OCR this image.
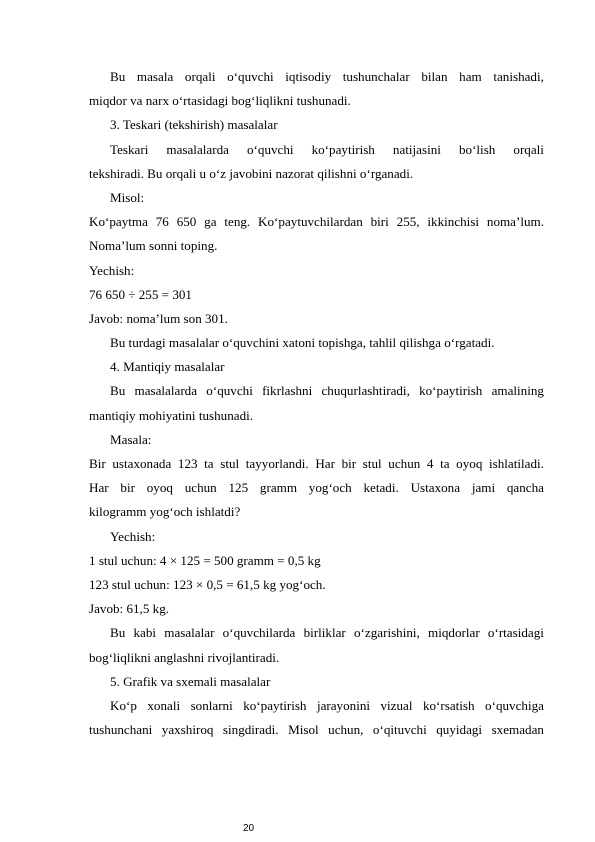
Bu masala orqali o‘quvchi iqtisodiy tushunchalar bilan ham tanishadi,
miqdor va narx o‘rtasidagi bog‘liqlikni tushunadi.
3. Teskari (tekshirish) masalalar
Teskari masalalarda o‘quvchi ko‘paytirish natijasini bo‘lish orqali
tekshiradi. Bu orqali u o‘z javobini nazorat qilishni o‘rganadi.
Misol:
Ko‘paytma 76 650 ga teng. Ko‘paytuvchilardan biri 255, ikkinchisi noma’lum.
Noma’lum sonni toping.
Yechish:
76 650 ÷ 255 = 301
Javob: noma’lum son 301.
Bu turdagi masalalar o‘quvchini xatoni topishga, tahlil qilishga o‘rgatadi.
4. Mantiqiy masalalar
Bu masalalarda o‘quvchi fikrlashni chuqurlashtiradi, ko‘paytirish amalining
mantiqiy mohiyatini tushunadi.
Masala:
Bir ustaxonada 123 ta stul tayyorlandi. Har bir stul uchun 4 ta oyoq ishlatiladi.
Har bir oyoq uchun 125 gramm yog‘och ketadi. Ustaxona jami qancha
kilogramm yog‘och ishlatdi?
Yechish:
1 stul uchun: 4 × 125 = 500 gramm = 0,5 kg
123 stul uchun: 123 × 0,5 = 61,5 kg yog‘och.
Javob: 61,5 kg.
Bu kabi masalalar o‘quvchilarda birliklar o‘zgarishini, miqdorlar o‘rtasidagi
bog‘liqlikni anglashni rivojlantiradi.
5. Grafik va sxemali masalalar
Ko‘p xonali sonlarni ko‘paytirish jarayonini vizual ko‘rsatish o‘quvchiga
tushunchani yaxshiroq singdiradi. Misol uchun, o‘qituvchi quyidagi sxemadan
20
